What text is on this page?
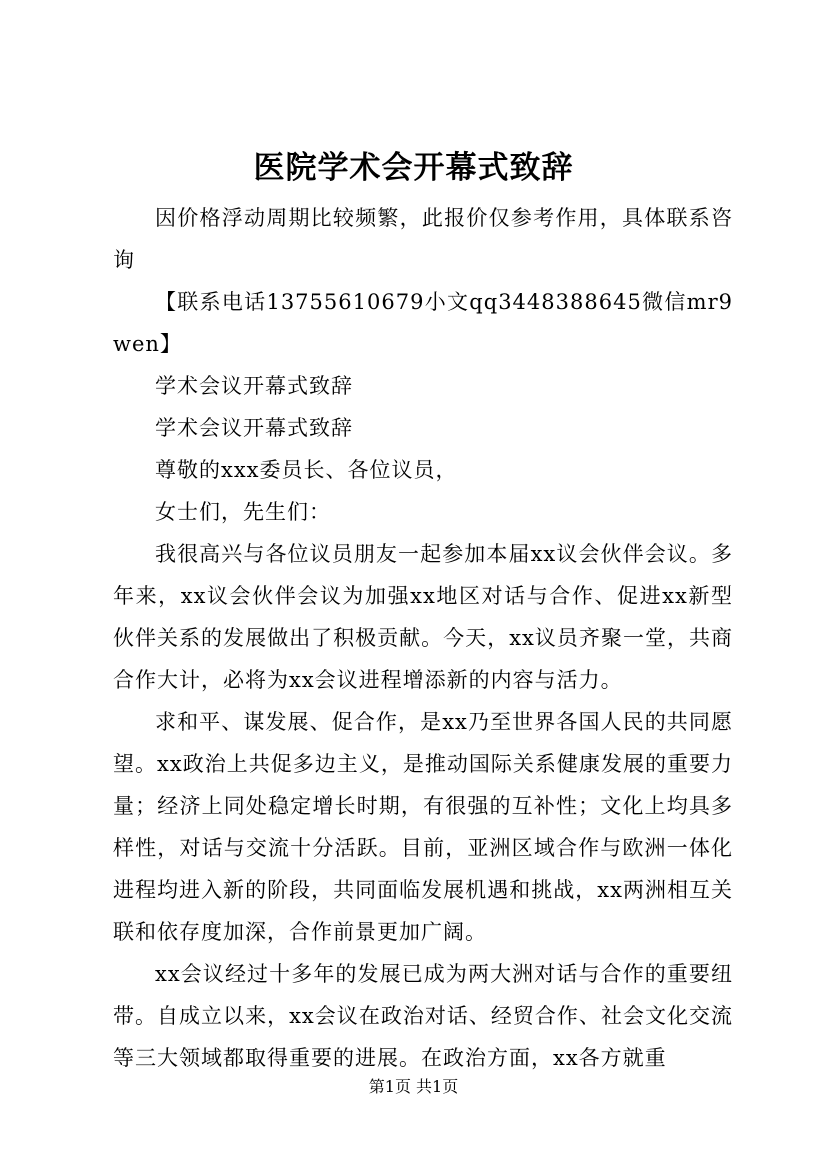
医院学术会开幕式致辞

因价格浮动周期比较频繁，此报价仅参考作用，具体联系咨询

【联系电话13755610679小文qq3448388645微信mr9wen】

学术会议开幕式致辞

学术会议开幕式致辞

尊敬的xxx委员长、各位议员，

女士们，先生们：

我很高兴与各位议员朋友一起参加本届xx议会伙伴会议。多年来，xx议会伙伴会议为加强xx地区对话与合作、促进xx新型伙伴关系的发展做出了积极贡献。今天，xx议员齐聚一堂，共商合作大计，必将为xx会议进程增添新的内容与活力。

求和平、谋发展、促合作，是xx乃至世界各国人民的共同愿望。xx政治上共促多边主义，是推动国际关系健康发展的重要力量；经济上同处稳定增长时期，有很强的互补性；文化上均具多样性，对话与交流十分活跃。目前，亚洲区域合作与欧洲一体化进程均进入新的阶段，共同面临发展机遇和挑战，xx两洲相互关联和依存度加深，合作前景更加广阔。

xx会议经过十多年的发展已成为两大洲对话与合作的重要纽带。自成立以来，xx会议在政治对话、经贸合作、社会文化交流等三大领域都取得重要的进展。在政治方面，xx各方就重

第1页 共1页
